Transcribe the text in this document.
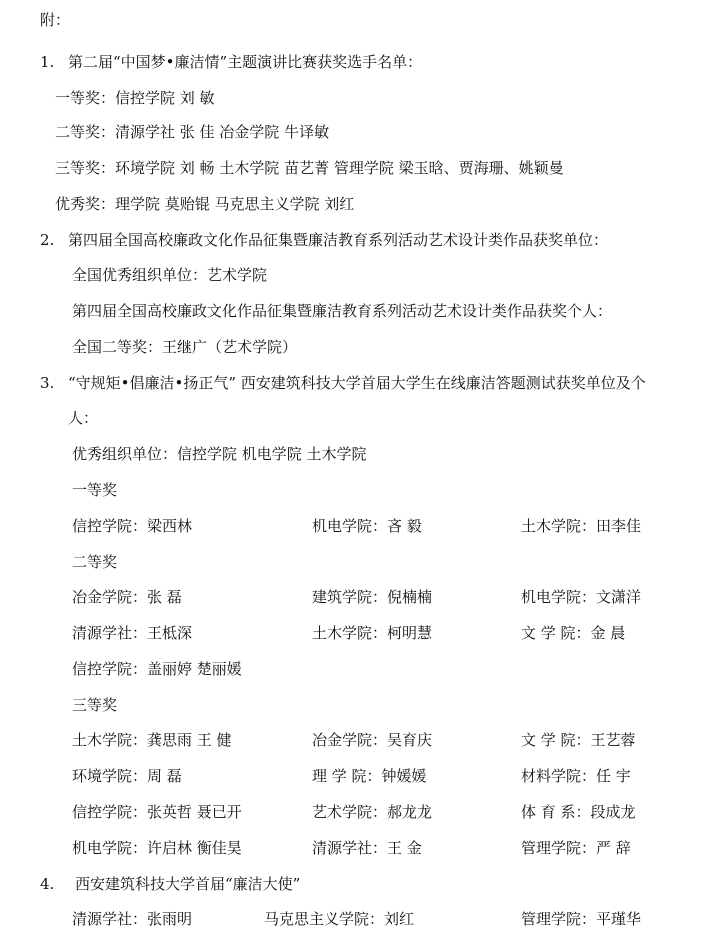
附：
1. 第二届“中国梦•廉洁情”主题演讲比赛获奖选手名单：
一等奖：信控学院 刘 敏
二等奖：清源学社 张 佳 冶金学院 牛译敏
三等奖：环境学院 刘 畅 土木学院 苗艺菁 管理学院 梁玉晗、贾海珊、姚颖曼
优秀奖：理学院 莫贻锟 马克思主义学院 刘红
2. 第四届全国高校廉政文化作品征集暨廉洁教育系列活动艺术设计类作品获奖单位：
全国优秀组织单位：艺术学院
第四届全国高校廉政文化作品征集暨廉洁教育系列活动艺术设计类作品获奖个人：
全国二等奖：王继广（艺术学院）
3. “守规矩•倡廉洁•扬正气” 西安建筑科技大学首届大学生在线廉洁答题测试获奖单位及个
人：
优秀组织单位：信控学院 机电学院 土木学院
一等奖
信控学院：梁西林	机电学院：吝 毅	土木学院：田李佳
二等奖
冶金学院：张 磊	建筑学院：倪楠楠	机电学院：文潇洋
清源学社：王柢深	土木学院：柯明慧	文 学 院：金 晨
信控学院：盖丽婷 楚丽媛
三等奖
土木学院：龚思雨 王 健	冶金学院：吴育庆	文 学 院：王艺蓉
环境学院：周 磊	理 学 院：钟媛媛	材料学院：任 宇
信控学院：张英哲 聂已开	艺术学院：郝龙龙	体 育 系：段成龙
机电学院：许启林 衡佳昊	清源学社：王 金	管理学院：严 辞
4.	西安建筑科技大学首届“廉洁大使”
清源学社：张雨明	马克思主义学院：刘红	管理学院：平瑾华
